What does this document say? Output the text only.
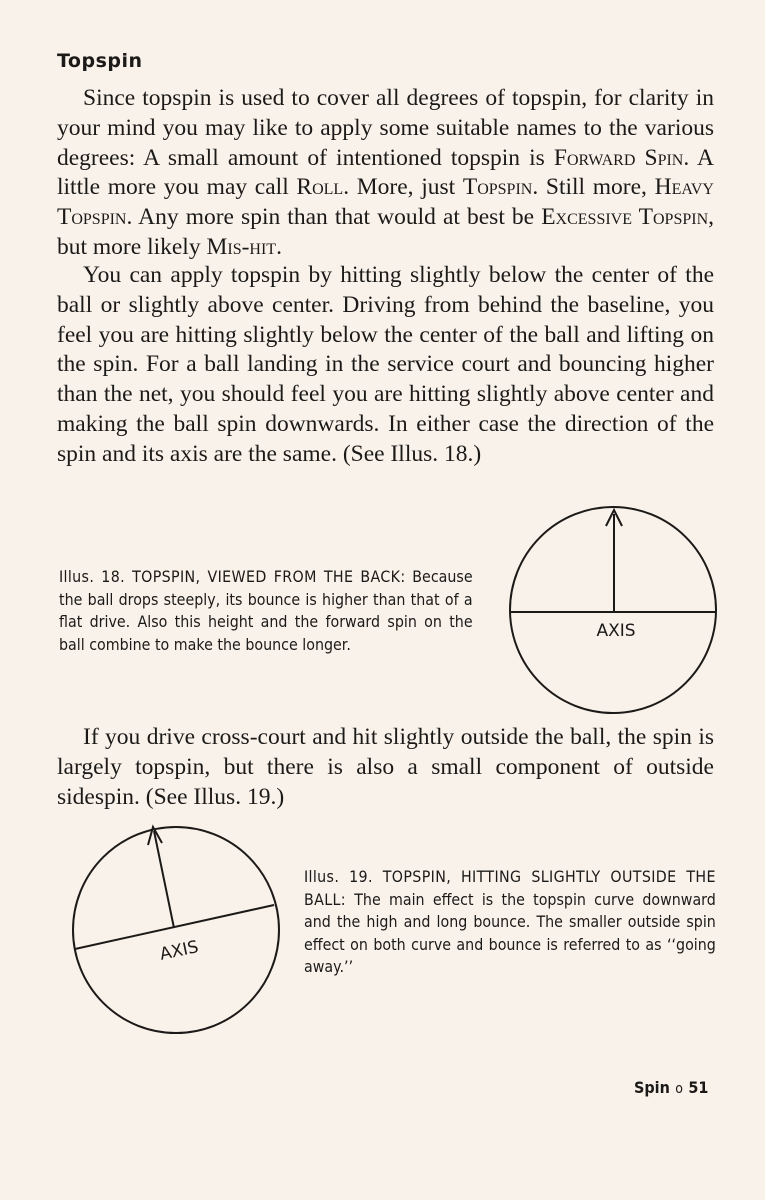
Topspin

Since topspin is used to cover all degrees of topspin, for clarity in your mind you may like to apply some suitable names to the various degrees: A small amount of intentioned topspin is Forward Spin. A little more you may call Roll. More, just Topspin. Still more, Heavy Topspin. Any more spin than that would at best be Excessive Topspin, but more likely Mis-hit.

You can apply topspin by hitting slightly below the center of the ball or slightly above center. Driving from behind the baseline, you feel you are hitting slightly below the center of the ball and lifting on the spin. For a ball landing in the service court and bouncing higher than the net, you should feel you are hitting slightly above center and making the ball spin downwards. In either case the direction of the spin and its axis are the same. (See Illus. 18.)

Illus. 18. TOPSPIN, VIEWED FROM THE BACK: Because the ball drops steeply, its bounce is higher than that of a flat drive. Also this height and the forward spin on the ball combine to make the bounce longer.

AXIS

If you drive cross-court and hit slightly outside the ball, the spin is largely topspin, but there is also a small component of outside sidespin. (See Illus. 19.)

AXIS

Illus. 19. TOPSPIN, HITTING SLIGHTLY OUTSIDE THE BALL: The main effect is the topspin curve downward and the high and long bounce. The smaller outside spin effect on both curve and bounce is referred to as ‘‘going away.’’

Spin o 51
